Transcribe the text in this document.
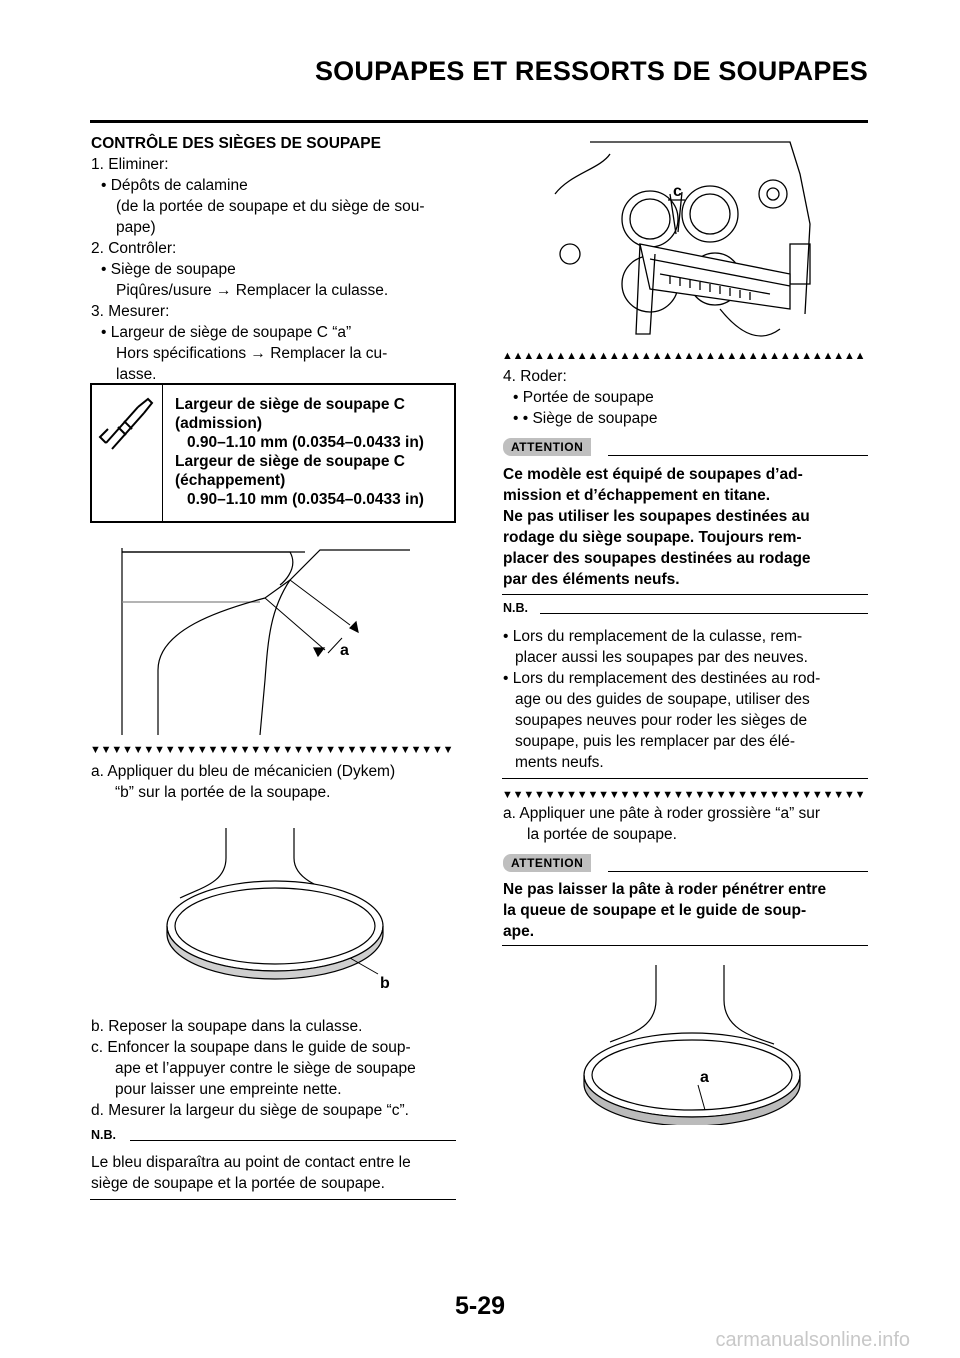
SOUPAPES ET RESSORTS DE SOUPAPES
CONTRÔLE DES SIÈGES DE SOUPAPE
1. Eliminer:
• Dépôts de calamine
(de la portée de soupape et du siège de sou-
pape)
2. Contrôler:
• Siège de soupape
Piqûres/usure → Remplacer la culasse.
3. Mesurer:
• Largeur de siège de soupape C “a”
Hors spécifications → Remplacer la cu-
lasse.
Largeur de siège de soupape C
(admission)
0.90–1.10 mm (0.0354–0.0433 in)
Largeur de siège de soupape C
(échappement)
0.90–1.10 mm (0.0354–0.0433 in)
a
▼▼▼▼▼▼▼▼▼▼▼▼▼▼▼▼▼▼▼▼▼▼▼▼▼▼▼▼▼▼▼▼▼▼
a. Appliquer du bleu de mécanicien (Dykem)
“b” sur la portée de la soupape.
b
b. Reposer la soupape dans la culasse.
c. Enfoncer la soupape dans le guide de soup-
ape et l’appuyer contre le siège de soupape
pour laisser une empreinte nette.
d. Mesurer la largeur du siège de soupape “c”.
N.B.
Le bleu disparaîtra au point de contact entre le
siège de soupape et la portée de soupape.
c
▲▲▲▲▲▲▲▲▲▲▲▲▲▲▲▲▲▲▲▲▲▲▲▲▲▲▲▲▲▲▲▲▲▲
4. Roder:
• Portée de soupape
• • Siège de soupape
ATTENTION
Ce modèle est équipé de soupapes d’ad-
mission et d’échappement en titane.
Ne pas utiliser les soupapes destinées au
rodage du siège soupape. Toujours rem-
placer des soupapes destinées au rodage
par des éléments neufs.
N.B.
• Lors du remplacement de la culasse, rem-
placer aussi les soupapes par des neuves.
• Lors du remplacement des destinées au rod-
age ou des guides de soupape, utiliser des
soupapes neuves pour roder les sièges de
soupape, puis les remplacer par des élé-
ments neufs.
▼▼▼▼▼▼▼▼▼▼▼▼▼▼▼▼▼▼▼▼▼▼▼▼▼▼▼▼▼▼▼▼▼▼
a. Appliquer une pâte à roder grossière “a” sur
la portée de soupape.
ATTENTION
Ne pas laisser la pâte à roder pénétrer entre
la queue de soupape et le guide de soup-
ape.
a
5-29
carmanualsonline.info
